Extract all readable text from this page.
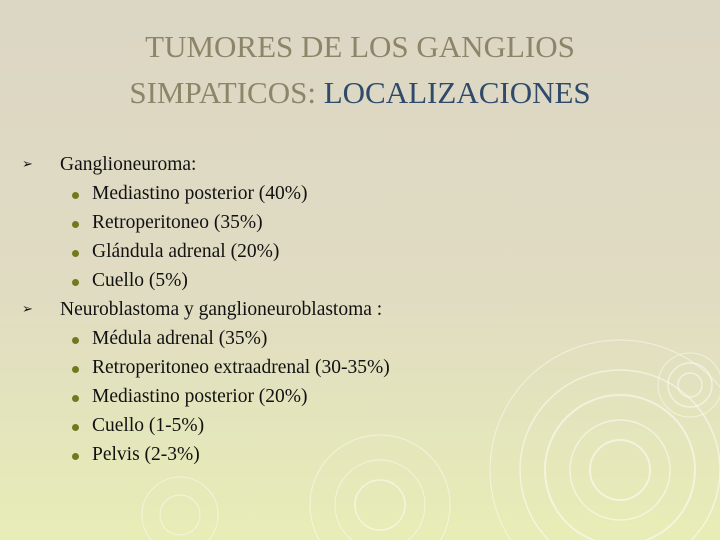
TUMORES DE LOS GANGLIOS
SIMPATICOS: LOCALIZACIONES
➢ Ganglioneuroma:
Mediastino posterior (40%)
Retroperitoneo (35%)
Glándula adrenal (20%)
Cuello (5%)
➢ Neuroblastoma y ganglioneuroblastoma :
Médula adrenal (35%)
Retroperitoneo extraadrenal (30-35%)
Mediastino posterior (20%)
Cuello (1-5%)
Pelvis (2-3%)
